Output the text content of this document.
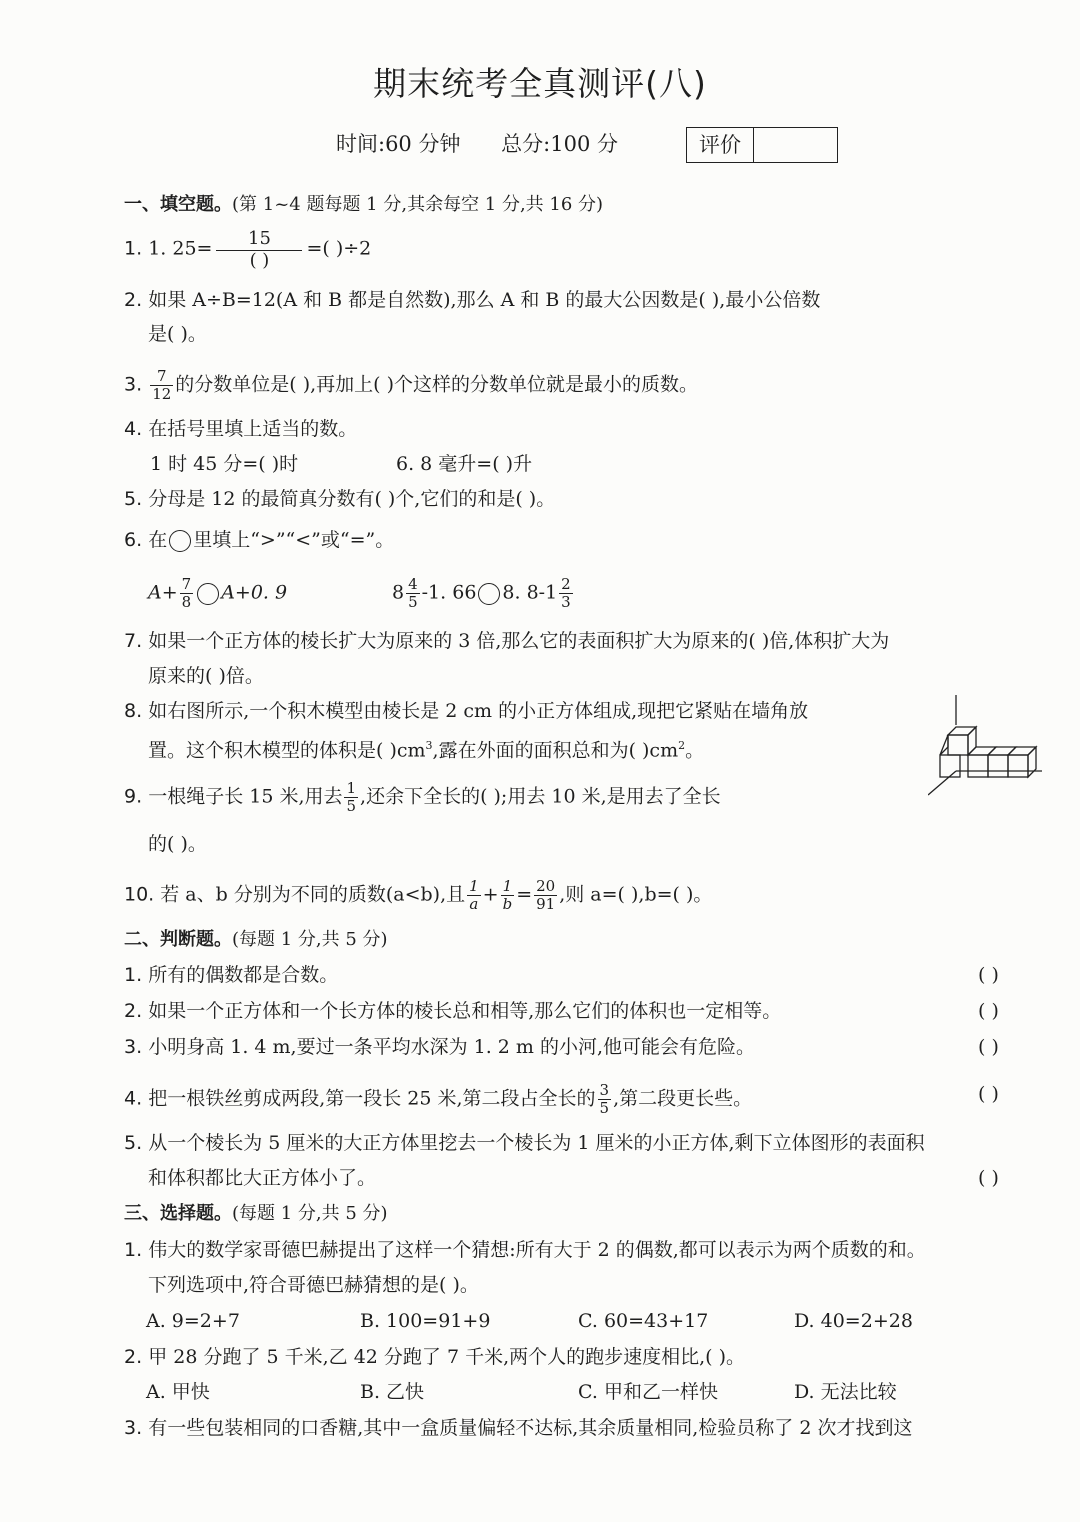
期末统考全真测评(八)
时间:60 分钟 总分:100 分	评价
一、填空题。(第 1~4 题每题 1 分,其余每空 1 分,共 16 分)
1. 1. 25=	15
( )
=( )÷2
2. 如果 A÷B=12(A 和 B 都是自然数),那么 A 和 B 的最大公因数是( ),最小公倍数
是( )。
3. $\frac{7}{12}$ 的分数单位是( ),再加上( )个这样的分数单位就是最小的质数。
4. 在括号里填上适当的数。
1 时 45 分=( )时	6. 8 毫升=( )升
5. 分母是 12 的最简真分数有( )个,它们的和是( )。
6. 在 里填上“>”“<”或“=”。
$A+ \frac{7}{8} A+0$. 9	$8 \frac{4}{5} -1$. 66 8. $8-1 \frac{2}{3}$
7. 如果一个正方体的棱长扩大为原来的 3 倍,那么它的表面积扩大为原来的( )倍,体积扩大为
原来的( )倍。
8. 如右图所示,一个积木模型由棱长是 2 cm 的小正方体组成,现把它紧贴在墙角放
置。这个积木模型的体积是( )$cm^3$,露在外面的面积总和为( )$cm^2$。
9. 一根绳子长 15 米,用去 $\frac{1}{5}$ ,还余下全长的( );用去 10 米,是用去了全长
的( )。
10. 若 a、b 分别为不同的质数(a<b),且 $\frac{1}{a} + \frac{1}{b} = \frac{20}{91}$ ,则 a=( ),b=( )。
二、判断题。(每题 1 分,共 5 分)
1. 所有的偶数都是合数。	( )
2. 如果一个正方体和一个长方体的棱长总和相等,那么它们的体积也一定相等。	( )
3. 小明身高 1. 4 m,要过一条平均水深为 1. 2 m 的小河,他可能会有危险。	( )
4. 把一根铁丝剪成两段,第一段长 25 米,第二段占全长的 $\frac{3}{5}$ ,第二段更长些。	( )
5. 从一个棱长为 5 厘米的大正方体里挖去一个棱长为 1 厘米的小正方体,剩下立体图形的表面积
和体积都比大正方体小了。	( )
三、选择题。(每题 1 分,共 5 分)
1. 伟大的数学家哥德巴赫提出了这样一个猜想:所有大于 2 的偶数,都可以表示为两个质数的和。
下列选项中,符合哥德巴赫猜想的是( )。
A. 9=2+7	B. 100=91+9	C. 60=43+17	D. 40=2+28
2. 甲 28 分跑了 5 千米,乙 42 分跑了 7 千米,两个人的跑步速度相比,( )。
A. 甲快	B. 乙快	C. 甲和乙一样快	D. 无法比较
3. 有一些包装相同的口香糖,其中一盒质量偏轻不达标,其余质量相同,检验员称了 2 次才找到这
